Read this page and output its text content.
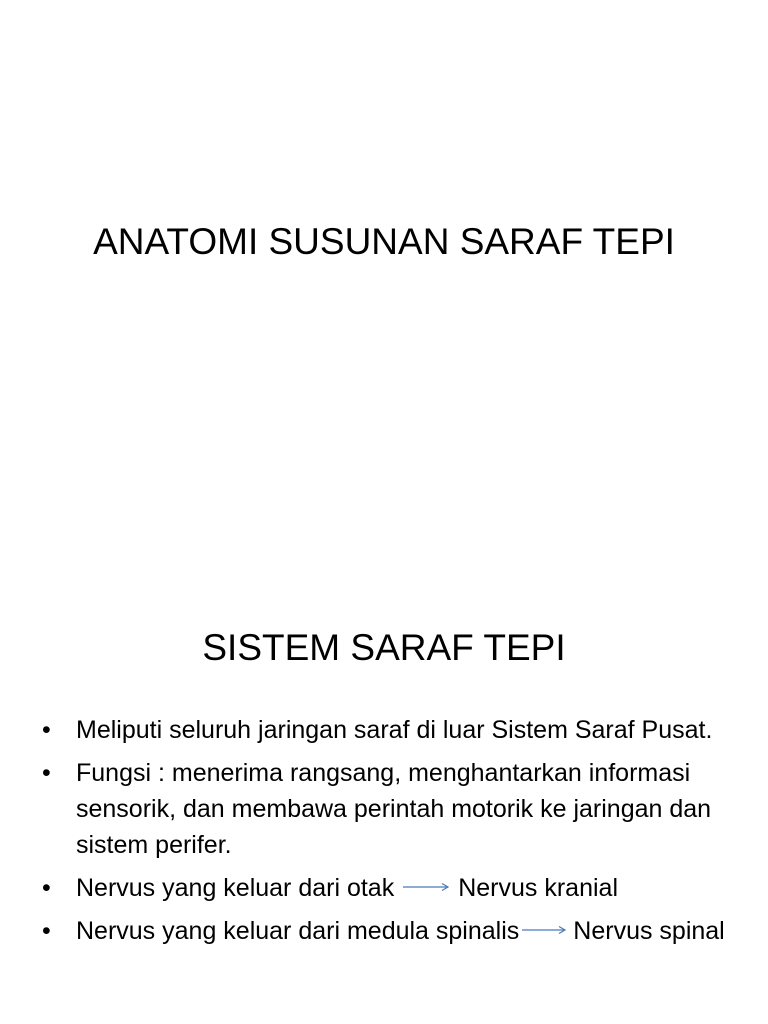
ANATOMI SUSUNAN SARAF TEPI
SISTEM SARAF TEPI
•	Meliputi seluruh jaringan saraf di luar Sistem Saraf Pusat.
•	Fungsi : menerima rangsang, menghantarkan informasi sensorik, dan membawa perintah motorik ke jaringan dan sistem perifer.
•	Nervus yang keluar dari otak	Nervus kranial
•	Nervus yang keluar dari medula spinalis Nervus spinal
